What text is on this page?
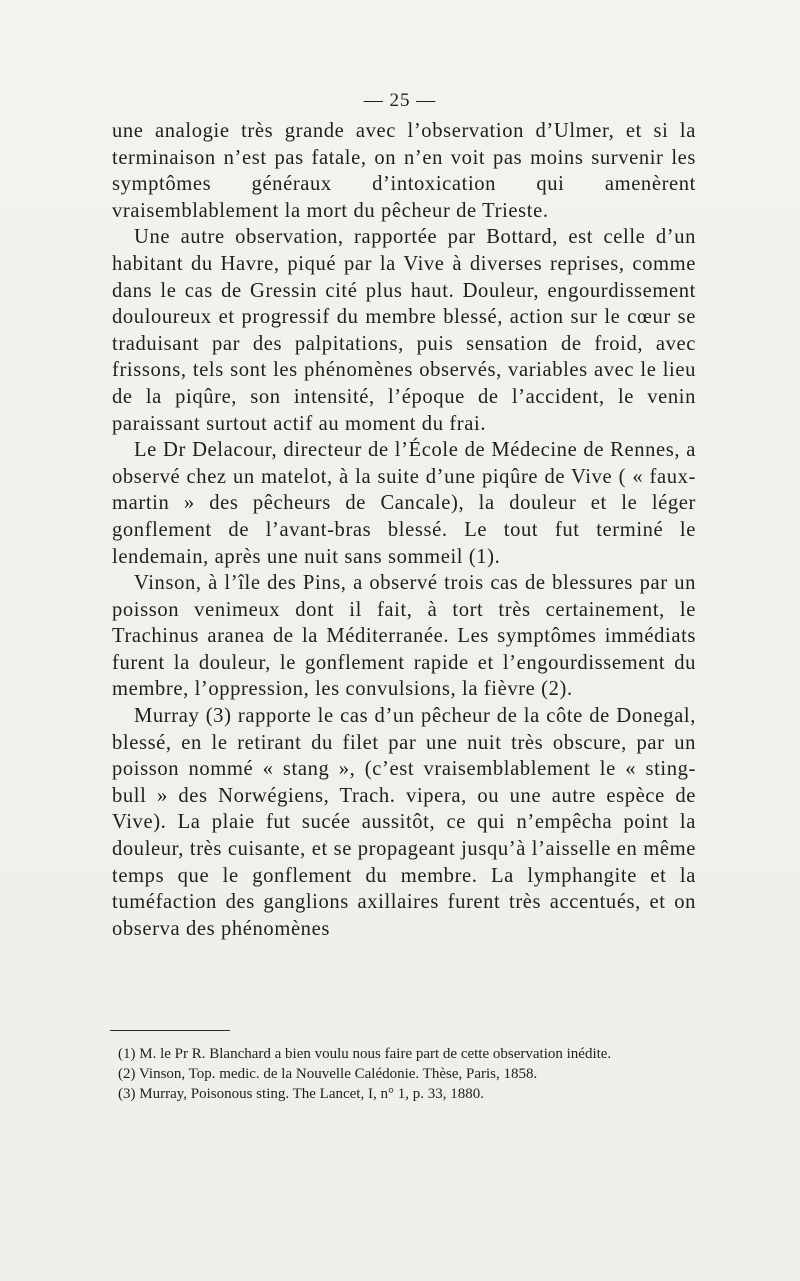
— 25 —

une analogie très grande avec l’observation d’Ulmer, et si la terminaison n’est pas fatale, on n’en voit pas moins survenir les symptômes généraux d’intoxication qui amenèrent vraisemblablement la mort du pêcheur de Trieste.

Une autre observation, rapportée par Bottard, est celle d’un habitant du Havre, piqué par la Vive à diverses reprises, comme dans le cas de Gressin cité plus haut. Douleur, engourdissement douloureux et progressif du membre blessé, action sur le cœur se traduisant par des palpitations, puis sensation de froid, avec frissons, tels sont les phénomènes observés, variables avec le lieu de la piqûre, son intensité, l’époque de l’accident, le venin paraissant surtout actif au moment du frai.

Le Dr Delacour, directeur de l’École de Médecine de Rennes, a observé chez un matelot, à la suite d’une piqûre de Vive ( « faux-martin » des pêcheurs de Cancale), la douleur et le léger gonflement de l’avant-bras blessé. Le tout fut terminé le lendemain, après une nuit sans sommeil (1).

Vinson, à l’île des Pins, a observé trois cas de blessures par un poisson venimeux dont il fait, à tort très certainement, le Trachinus aranea de la Méditerranée. Les symptômes immédiats furent la douleur, le gonflement rapide et l’engourdissement du membre, l’oppression, les convulsions, la fièvre (2).

Murray (3) rapporte le cas d’un pêcheur de la côte de Donegal, blessé, en le retirant du filet par une nuit très obscure, par un poisson nommé « stang », (c’est vraisemblablement le « sting-bull » des Norwégiens, Trach. vipera, ou une autre espèce de Vive). La plaie fut sucée aussitôt, ce qui n’empêcha point la douleur, très cuisante, et se propageant jusqu’à l’aisselle en même temps que le gonflement du membre. La lymphangite et la tuméfaction des ganglions axillaires furent très accentués, et on observa des phénomènes

(1) M. le Pr R. Blanchard a bien voulu nous faire part de cette observation inédite.
(2) Vinson, Top. medic. de la Nouvelle Calédonie. Thèse, Paris, 1858.
(3) Murray, Poisonous sting. The Lancet, I, n° 1, p. 33, 1880.
